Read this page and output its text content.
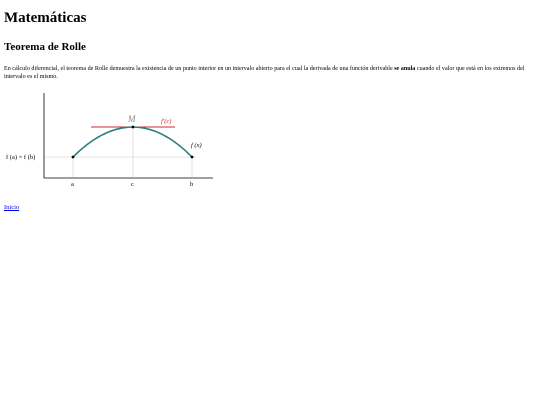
Matemáticas
Teorema de Rolle

En cálculo diferencial, el teorema de Rolle demuestra la existencia de un punto interior en un intervalo abierto para el cual la derivada de una función derivable se anula cuando el valor que está en los extremos del intervalo es el mismo.

M	f'(c)
f (x)
f (a) = f (b)
a	c	b
Inicio
